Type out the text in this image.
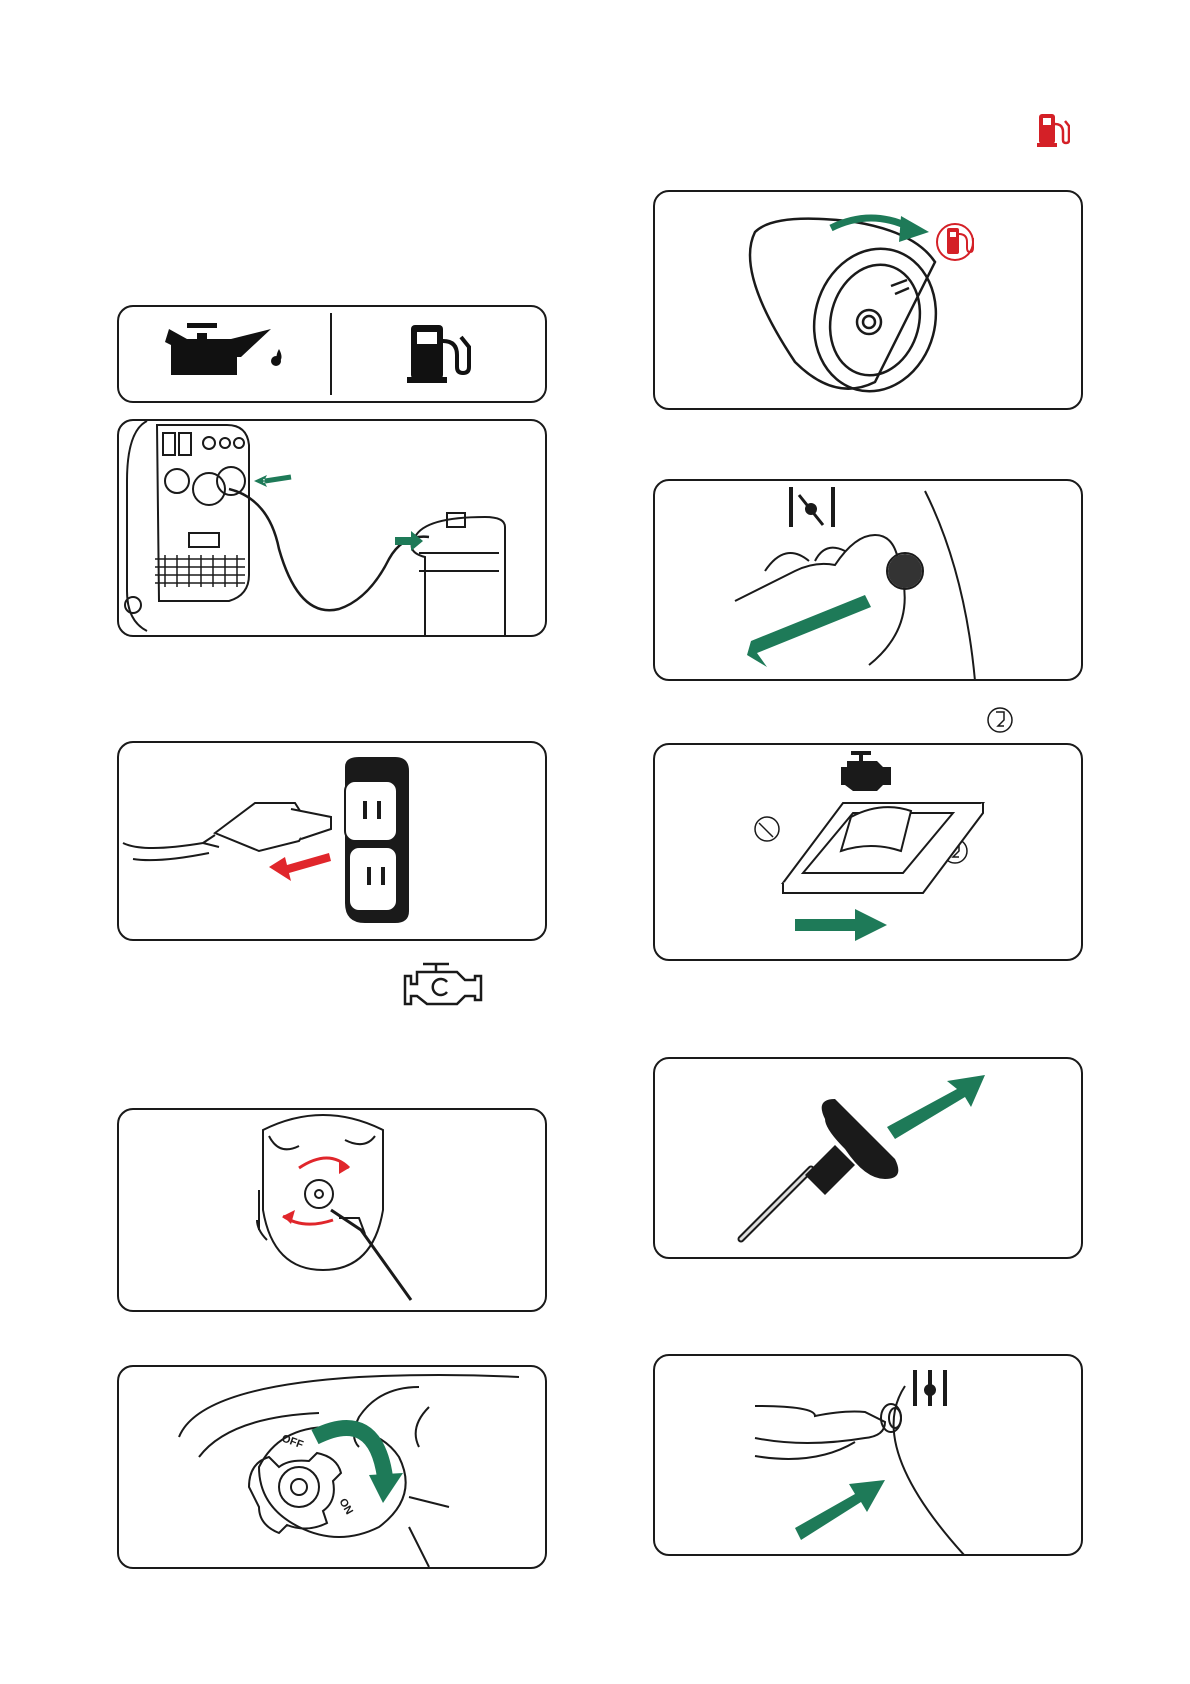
OFF
ON
